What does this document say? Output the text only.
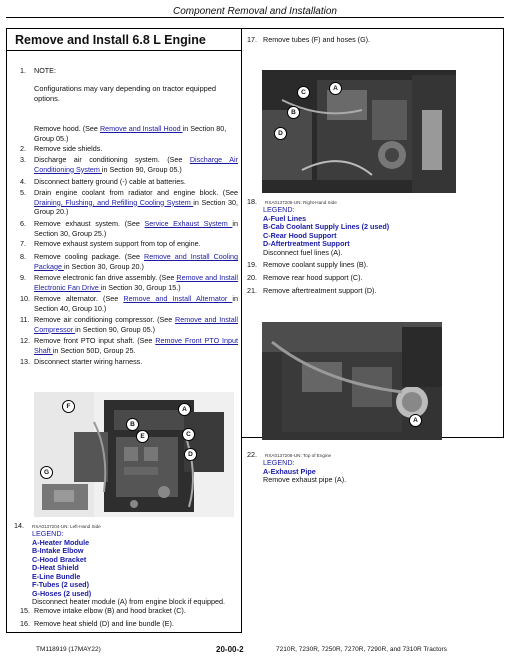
Component Removal and Installation
Remove and Install 6.8 L Engine
1. NOTE:
Configurations may vary depending on tractor equipped options.
Remove hood. (See Remove and Install Hood in Section 80, Group 05.)
2. Remove side shields.
3. Discharge air conditioning system. (See Discharge Air Conditioning System in Section 90, Group 05.)
4. Disconnect battery ground (-) cable at batteries.
5. Drain engine coolant from radiator and engine block. (See Draining, Flushing, and Refilling Cooling System in Section 30, Group 20.)
6. Remove exhaust system. (See Service Exhaust System in Section 30, Group 25.)
7. Remove exhaust system support from top of engine.
8. Remove cooling package. (See Remove and Install Cooling Package in Section 30, Group 20.)
9. Remove electronic fan drive assembly. (See Remove and Install Electronic Fan Drive in Section 30, Group 15.)
10. Remove alternator. (See Remove and Install Alternator in Section 40, Group 10.)
11. Remove air conditioning compressor. (See Remove and Install Compressor in Section 90, Group 05.)
12. Remove front PTO input shaft. (See Remove Front PTO Input Shaft in Section 50D, Group 25.
13. Disconnect starter wiring harness.
F	A
B
C
D
E
G
14. RXA0137204-UN: Left-Hand Side
LEGEND:
A-Heater Module
B-Intake Elbow
C-Hood Bracket
D-Heat Shield
E-Line Bundle
F-Tubes (2 used)
G-Hoses (2 used)
Disconnect heater module (A) from engine block if equipped.
15. Remove intake elbow (B) and hood bracket (C).
16. Remove heat shield (D) and line bundle (E).
17. Remove tubes (F) and hoses (G).
C
B
D
A
18. RXA0137205-UN: Right-Hand Side
LEGEND:
A-Fuel Lines
B-Cab Coolant Supply Lines (2 used)
C-Rear Hood Support
D-Aftertreatment Support
Disconnect fuel lines (A).
19. Remove coolant supply lines (B).
20. Remove rear hood support (C).
21. Remove aftertreatment support (D).
A
22. RXA0137206-UN: Top of Engine
LEGEND:
A-Exhaust Pipe
Remove exhaust pipe (A).
TM118919 (17MAY22)	20-00-2	7210R, 7230R, 7250R, 7270R, 7290R, and 7310R Tractors
